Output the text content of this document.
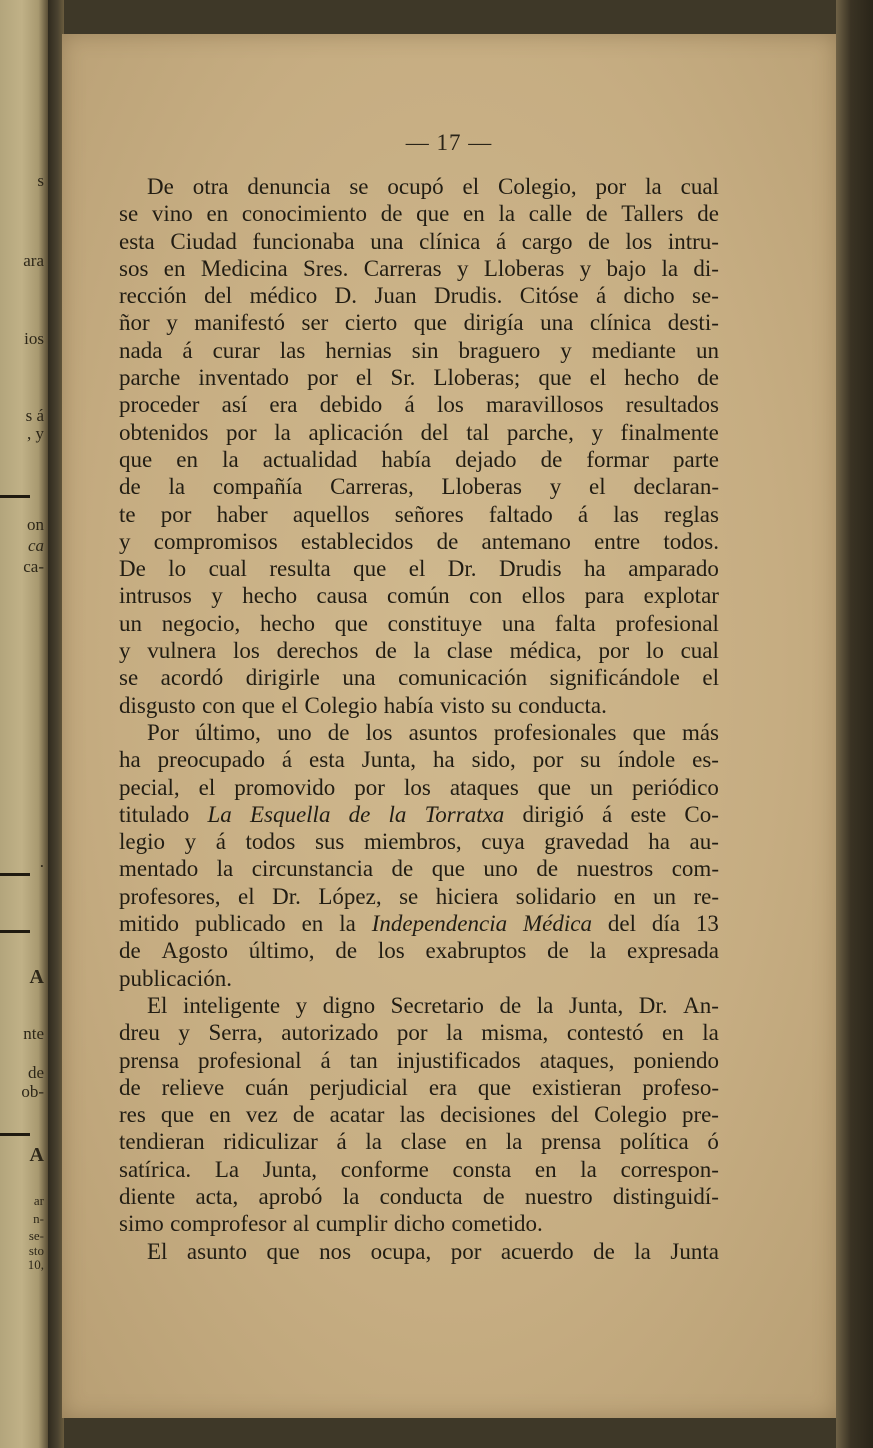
s
ara
ios
s á
, y
on
ca
ca-
.
A
nte
de
ob-
A
ar
n-
se-
sto
10,
— 17 —
De otra denuncia se ocupó el Colegio, por la cual
se vino en conocimiento de que en la calle de Tallers de
esta Ciudad funcionaba una clínica á cargo de los intru-
sos en Medicina Sres. Carreras y Lloberas y bajo la di-
rección del médico D. Juan Drudis. Citóse á dicho se-
ñor y manifestó ser cierto que dirigía una clínica desti-
nada á curar las hernias sin braguero y mediante un
parche inventado por el Sr. Lloberas; que el hecho de
proceder así era debido á los maravillosos resultados
obtenidos por la aplicación del tal parche, y finalmente
que en la actualidad había dejado de formar parte
de la compañía Carreras, Lloberas y el declaran-
te por haber aquellos señores faltado á las reglas
y compromisos establecidos de antemano entre todos.
De lo cual resulta que el Dr. Drudis ha amparado
intrusos y hecho causa común con ellos para explotar
un negocio, hecho que constituye una falta profesional
y vulnera los derechos de la clase médica, por lo cual
se acordó dirigirle una comunicación significándole el
disgusto con que el Colegio había visto su conducta.
Por último, uno de los asuntos profesionales que más
ha preocupado á esta Junta, ha sido, por su índole es-
pecial, el promovido por los ataques que un periódico
titulado La Esquella de la Torratxa dirigió á este Co-
legio y á todos sus miembros, cuya gravedad ha au-
mentado la circunstancia de que uno de nuestros com-
profesores, el Dr. López, se hiciera solidario en un re-
mitido publicado en la Independencia Médica del día 13
de Agosto último, de los exabruptos de la expresada
publicación.
El inteligente y digno Secretario de la Junta, Dr. An-
dreu y Serra, autorizado por la misma, contestó en la
prensa profesional á tan injustificados ataques, poniendo
de relieve cuán perjudicial era que existieran profeso-
res que en vez de acatar las decisiones del Colegio pre-
tendieran ridiculizar á la clase en la prensa política ó
satírica. La Junta, conforme consta en la correspon-
diente acta, aprobó la conducta de nuestro distinguidí-
simo comprofesor al cumplir dicho cometido.
El asunto que nos ocupa, por acuerdo de la Junta
